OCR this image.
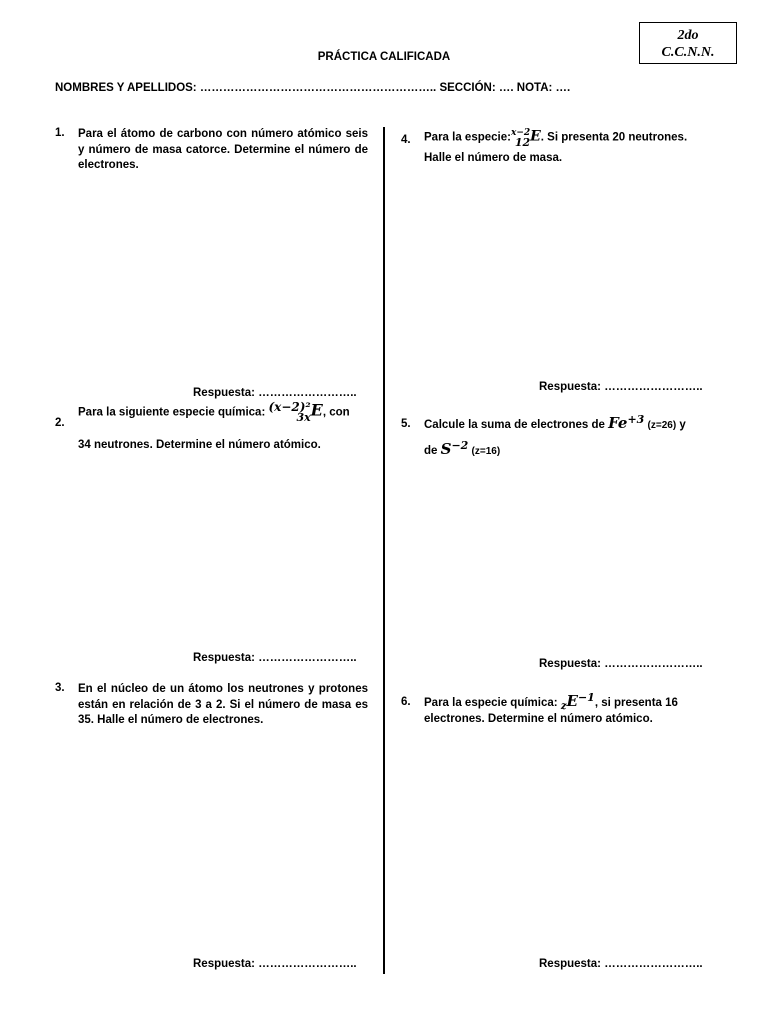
2do
C.C.N.N.
PRÁCTICA CALIFICADA
NOMBRES Y APELLIDOS: …………………………………………………….. SECCIÓN: …. NOTA: ….
1. Para el átomo de carbono con número atómico seis y número de masa catorce. Determine el número de electrones.
Respuesta: ……………………..
2.
Para la siguiente especie química: (x−2)²
3xE, con
34 neutrones. Determine el número atómico.
Respuesta: ……………………..
3. En el núcleo de un átomo los neutrones y protones están en relación de 3 a 2. Si el número de masa es 35. Halle el número de electrones.
Respuesta: ……………………..
4. Para la especie:x−2
12E. Si presenta 20 neutrones.
Halle el número de masa.
Respuesta: ……………………..
5. Calcule la suma de electrones de $Fe^{+3}$ (z=26) y
de $S^{-2}$ (z=16)
Respuesta: ……………………..
6. Para la especie química: $_zE^{-1}$, si presenta 16
electrones. Determine el número atómico.
Respuesta: ……………………..
